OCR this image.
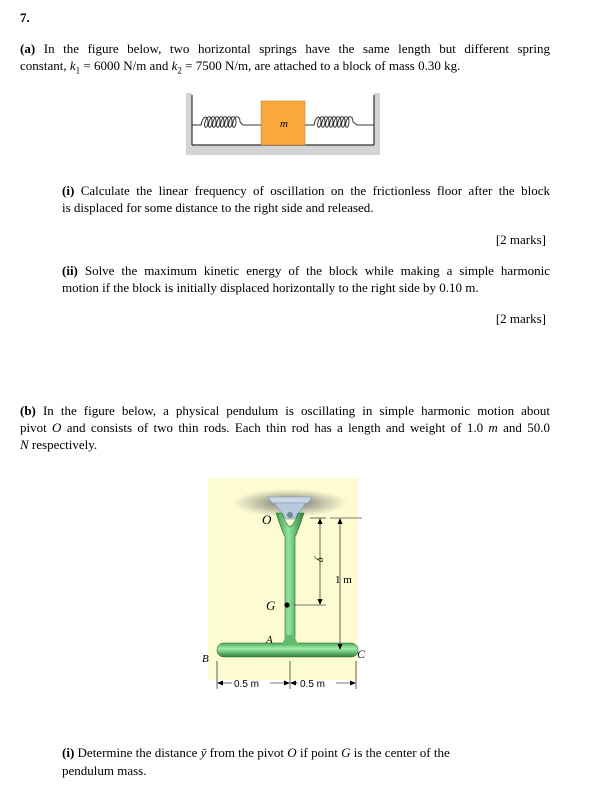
7.
(a) In the figure below, two horizontal springs have the same length but different spring
constant, $k_1 = 6000$ N/m and $k_2 = 7500$ N/m, are attached to a block of mass 0.30 kg.
m
(i) Calculate the linear frequency of oscillation on the frictionless floor after the block
is displaced for some distance to the right side and released.
[2 marks]
(ii) Solve the maximum kinetic energy of the block while making a simple harmonic
motion if the block is initially displaced horizontally to the right side by 0.10 m.
[2 marks]
(b) In the figure below, a physical pendulum is oscillating in simple harmonic motion about
pivot O and consists of two thin rods. Each thin rod has a length and weight of 1.0 m and 50.0
N respectively.
O
ȳ
1 m
G
A
B	C
0.5 m	0.5 m
(i) Determine the distance ȳ from the pivot O if point G is the center of the
pendulum mass.
